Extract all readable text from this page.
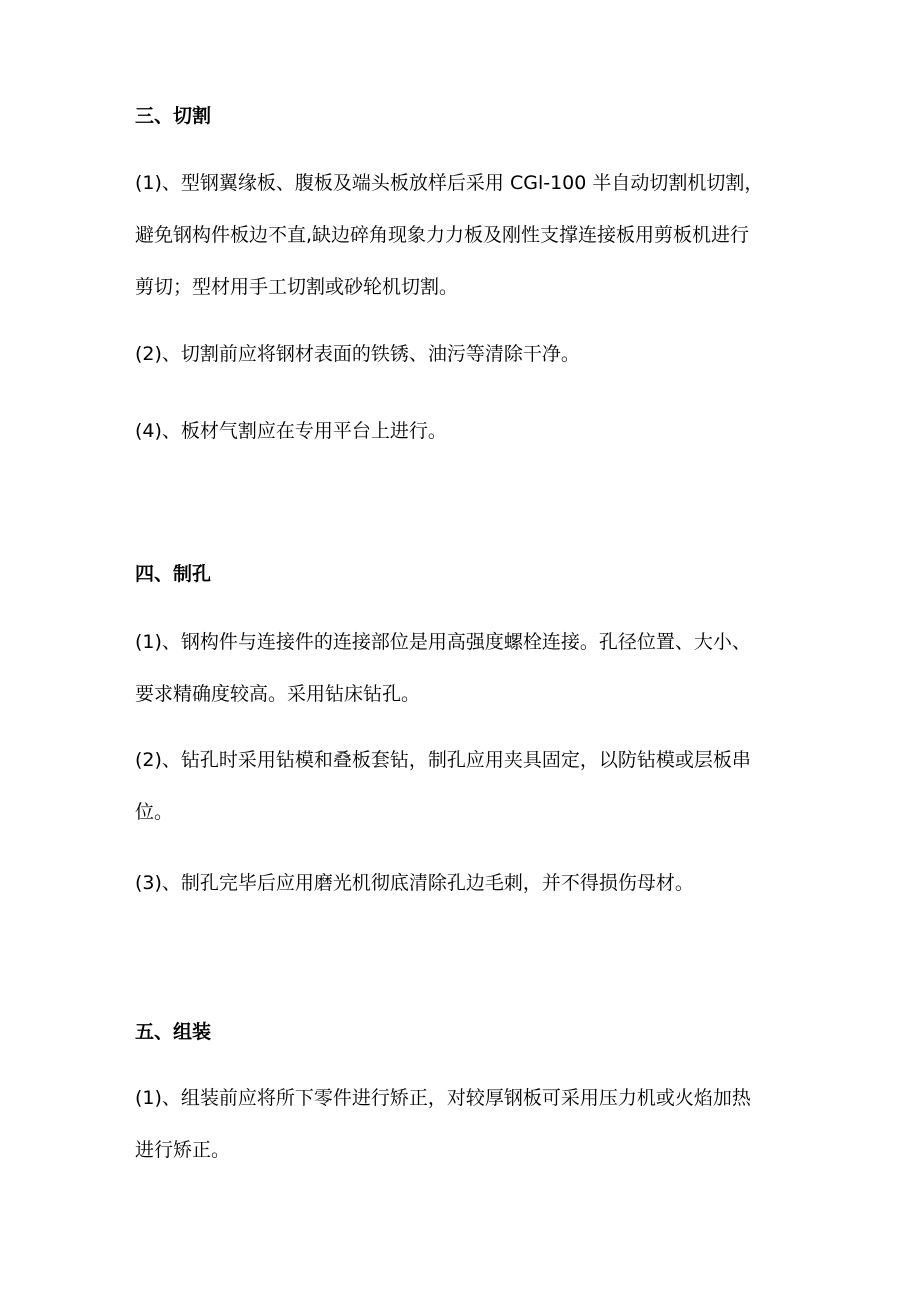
三、切割
(1)、型钢翼缘板、腹板及端头板放样后采用 CGl-100 半自动切割机切割，
避免钢构件板边不直,缺边碎角现象力力板及刚性支撑连接板用剪板机进行
剪切；型材用手工切割或砂轮机切割。
(2)、切割前应将钢材表面的铁锈、油污等清除干净。
(4)、板材气割应在专用平台上进行。
四、制孔
(1)、钢构件与连接件的连接部位是用高强度螺栓连接。孔径位置、大小、
要求精确度较高。采用钻床钻孔。
(2)、钻孔时采用钻模和叠板套钻，制孔应用夹具固定，以防钻模或层板串
位。
(3)、制孔完毕后应用磨光机彻底清除孔边毛刺，并不得损伤母材。
五、组装
(1)、组装前应将所下零件进行矫正，对较厚钢板可采用压力机或火焰加热
进行矫正。
